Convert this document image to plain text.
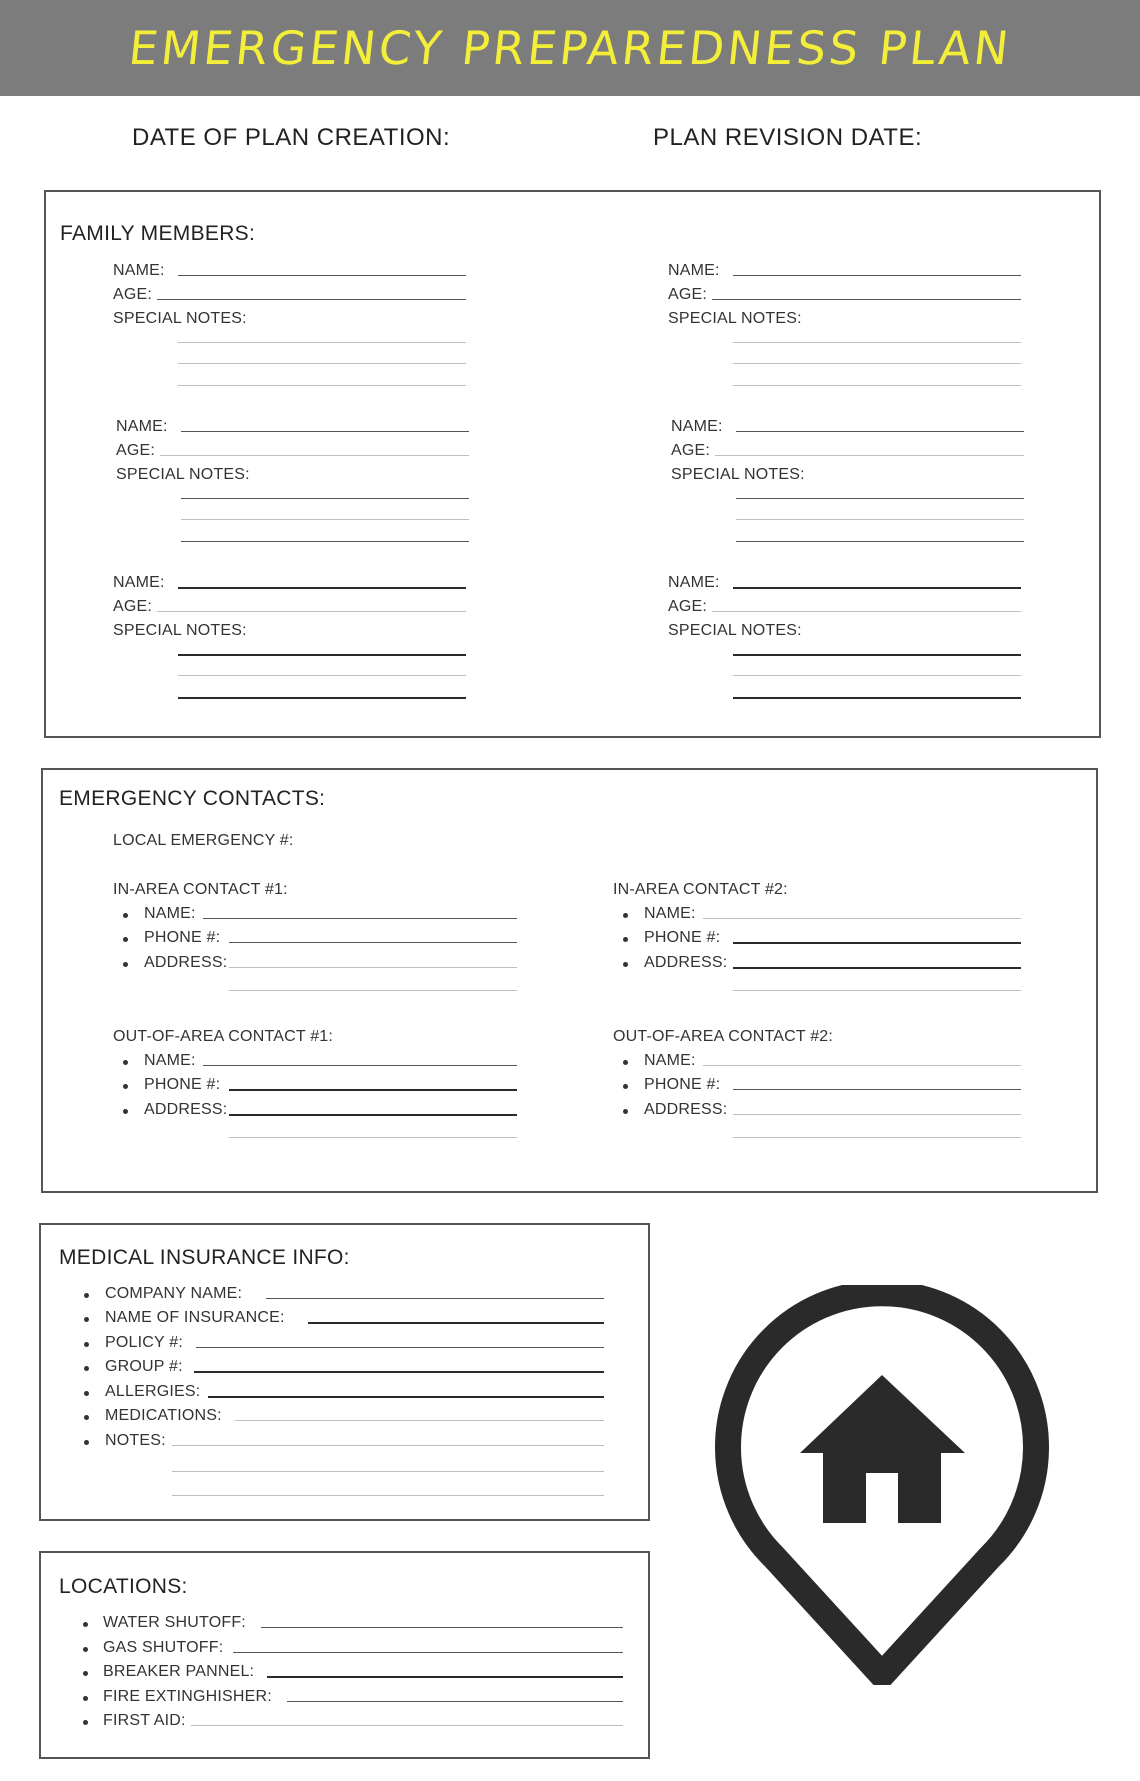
EMERGENCY PREPAREDNESS PLAN
DATE OF PLAN CREATION:	PLAN REVISION DATE:
FAMILY MEMBERS:
NAME:
AGE:
SPECIAL NOTES:
NAME:
AGE:
SPECIAL NOTES:
NAME:
AGE:
SPECIAL NOTES:
NAME:
AGE:
SPECIAL NOTES:
NAME:
AGE:
SPECIAL NOTES:
NAME:
AGE:
SPECIAL NOTES:
EMERGENCY CONTACTS:
LOCAL EMERGENCY #:
IN-AREA CONTACT #1:
NAME:
PHONE #:
ADDRESS:
IN-AREA CONTACT #2:
NAME:
PHONE #:
ADDRESS:
OUT-OF-AREA CONTACT #1:
NAME:
PHONE #:
ADDRESS:
OUT-OF-AREA CONTACT #2:
NAME:
PHONE #:
ADDRESS:
MEDICAL INSURANCE INFO:
COMPANY NAME:
NAME OF INSURANCE:
POLICY #:
GROUP #:
ALLERGIES:
MEDICATIONS:
NOTES:
LOCATIONS:
WATER SHUTOFF:
GAS SHUTOFF:
BREAKER PANNEL:
FIRE EXTINGHISHER:
FIRST AID:
